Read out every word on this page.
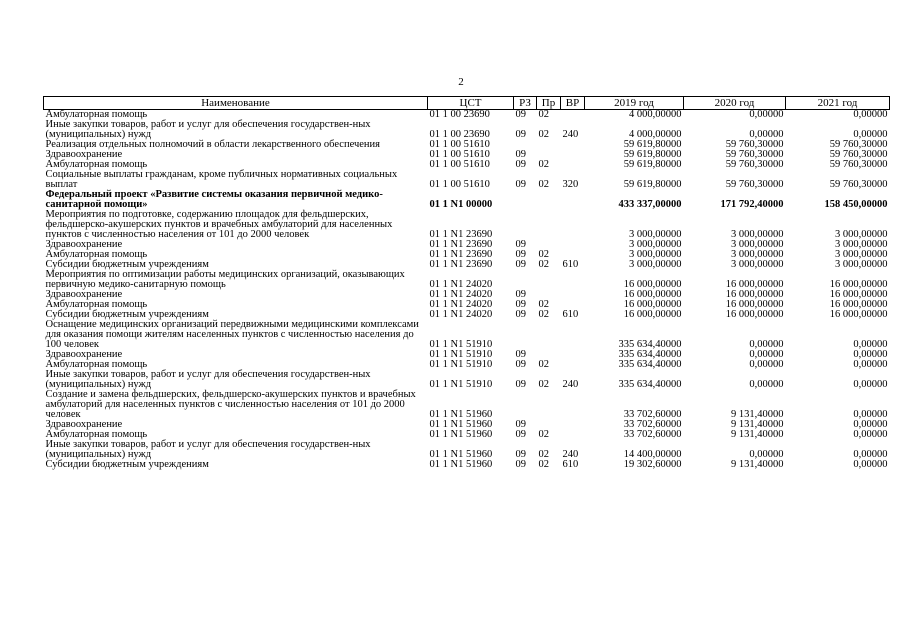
2
Наименование	ЦСТ	РЗ	Пр	ВР	2019 год	2020 год	2021 год
Амбулаторная помощь	01 1 00 23690	09	02		4 000,00000	0,00000	0,00000
Иные закупки товаров, работ и услуг для обеспечения государствен-ных (муниципальных) нужд	01 1 00 23690	09	02	240	4 000,00000	0,00000	0,00000
Реализация отдельных полномочий в области лекарственного обеспечения	01 1 00 51610				59 619,80000	59 760,30000	59 760,30000
Здравоохранение	01 1 00 51610	09			59 619,80000	59 760,30000	59 760,30000
Амбулаторная помощь	01 1 00 51610	09	02		59 619,80000	59 760,30000	59 760,30000
Социальные выплаты гражданам, кроме публичных нормативных социальных выплат	01 1 00 51610	09	02	320	59 619,80000	59 760,30000	59 760,30000
Федеральный проект «Развитие системы оказания первичной медико-санитарной помощи»	01 1 N1 00000				433 337,00000	171 792,40000	158 450,00000
Мероприятия по подготовке, содержанию площадок для фельдшерских, фельдшерско-акушерских пунктов и врачебных амбулаторий для населенных пунктов с численностью населения от 101 до 2000 человек	01 1 N1 23690				3 000,00000	3 000,00000	3 000,00000
Здравоохранение	01 1 N1 23690	09			3 000,00000	3 000,00000	3 000,00000
Амбулаторная помощь	01 1 N1 23690	09	02		3 000,00000	3 000,00000	3 000,00000
Субсидии бюджетным учреждениям	01 1 N1 23690	09	02	610	3 000,00000	3 000,00000	3 000,00000
Мероприятия по оптимизации работы медицинских организаций, оказывающих первичную медико-санитарную помощь	01 1 N1 24020				16 000,00000	16 000,00000	16 000,00000
Здравоохранение	01 1 N1 24020	09			16 000,00000	16 000,00000	16 000,00000
Амбулаторная помощь	01 1 N1 24020	09	02		16 000,00000	16 000,00000	16 000,00000
Субсидии бюджетным учреждениям	01 1 N1 24020	09	02	610	16 000,00000	16 000,00000	16 000,00000
Оснащение медицинских организаций передвижными медицинскими комплексами для оказания помощи жителям населенных пунктов с численностью населения до 100 человек	01 1 N1 51910				335 634,40000	0,00000	0,00000
Здравоохранение	01 1 N1 51910	09			335 634,40000	0,00000	0,00000
Амбулаторная помощь	01 1 N1 51910	09	02		335 634,40000	0,00000	0,00000
Иные закупки товаров, работ и услуг для обеспечения государствен-ных (муниципальных) нужд	01 1 N1 51910	09	02	240	335 634,40000	0,00000	0,00000
Создание и замена фельдшерских, фельдшерско-акушерских пунктов и врачебных амбулаторий для населенных пунктов с численностью населения от 101 до 2000 человек	01 1 N1 51960				33 702,60000	9 131,40000	0,00000
Здравоохранение	01 1 N1 51960	09			33 702,60000	9 131,40000	0,00000
Амбулаторная помощь	01 1 N1 51960	09	02		33 702,60000	9 131,40000	0,00000
Иные закупки товаров, работ и услуг для обеспечения государствен-ных (муниципальных) нужд	01 1 N1 51960	09	02	240	14 400,00000	0,00000	0,00000
Субсидии бюджетным учреждениям	01 1 N1 51960	09	02	610	19 302,60000	9 131,40000	0,00000
